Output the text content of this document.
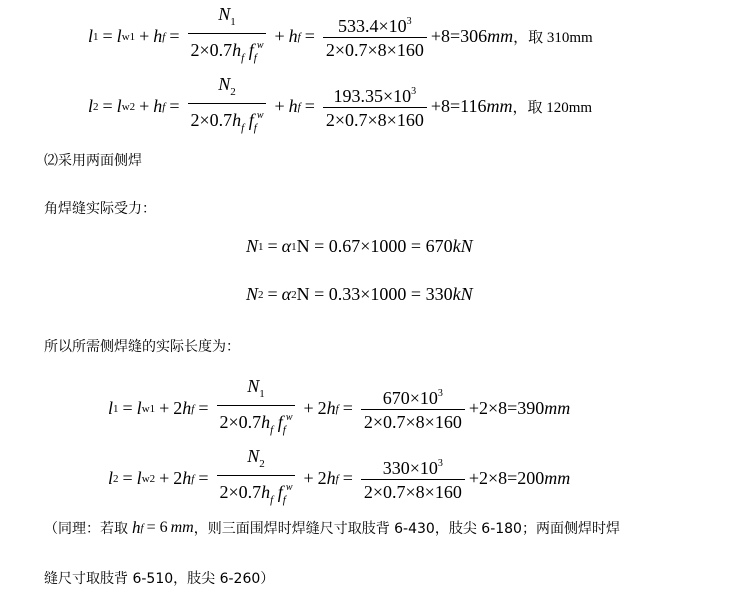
l 1 = l w1 + h $f = \frac{N_1}{2\times 0.7h_f f_f^w} + h$ $f = \frac{533.4\times 10^3}{2\times 0.7\times 8\times 160} +8=306$ mm ，取 310mm
l 2 = l w2 + h $f = \frac{N_2}{2\times 0.7h_f f_f^w} + h$ $f = \frac{193.35\times 10^3}{2\times 0.7\times 8\times 160} +8=116$ mm ，取 120mm
⑵采用两面侧焊
角焊缝实际受力：
N 1 = α 1 N = 0.67×1000 = 670 kN
N 2 = α 2 N = 0.33×1000 = 330 kN
所以所需侧焊缝的实际长度为：
l 1 = l w1 + 2 h $f = \frac{N_1}{2\times 0.7h_f f_f^w} + 2$ h $f = \frac{670\times 10^3}{2\times 0.7\times 8\times 160} +2\times 8=390$ mm
l 2 = l w2 + 2 h $f = \frac{N_2}{2\times 0.7h_f f_f^w} + 2$ h $f = \frac{330\times 10^3}{2\times 0.7\times 8\times 160} +2\times 8=200$ mm
（同理：若取 h f = 6 mm ，则三面围焊时焊缝尺寸取肢背 6-430，肢尖 6-180；两面侧焊时焊
缝尺寸取肢背 6-510，肢尖 6-260）
